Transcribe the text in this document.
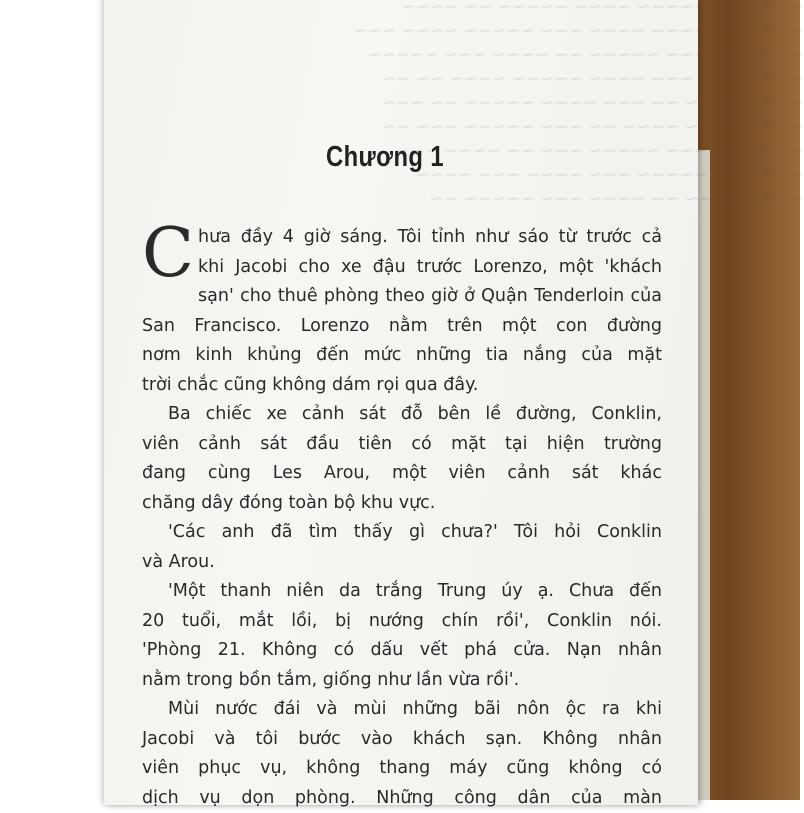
~~~~ ~~ ~~~~~ ~~~~ ~~~~~ ~~ ~~~~
~~~ ~~ ~~~~~ ~~~~ ~~~ ~~~~~ ~~~~ ~~~
~~ ~~~~ ~~~ ~~~~~ ~~ ~~~~ ~~~ ~~~~~
~~~~ ~~~ ~~~ ~~~~ ~~~~~ ~~~~ ~~ ~~
~~~ ~~~~~ ~~ ~~~ ~~~~ ~~~~~ ~~ ~~~
~~~~~ ~~~ ~~~~ ~~ ~~~ ~~~~~ ~~~ ~~
~~ ~~~~ ~~~ ~~~~~ ~~~ ~~ ~~~~ ~~~
~~~~ ~~ ~~~~~ ~~~ ~~~~ ~~~ ~~~~
~~~ ~~~~~ ~~ ~~~~ ~~~ ~~~~~ ~~
Chương 1
C hưa đầy 4 giờ sáng. Tôi tỉnh như sáo từ trước cả
khi Jacobi cho xe đậu trước Lorenzo, một 'khách
sạn' cho thuê phòng theo giờ ở Quận Tenderloin của
San Francisco. Lorenzo nằm trên một con đường
nơm kinh khủng đến mức những tia nắng của mặt
trời chắc cũng không dám rọi qua đây.
Ba chiếc xe cảnh sát đỗ bên lề đường, Conklin,
viên cảnh sát đầu tiên có mặt tại hiện trường
đang cùng Les Arou, một viên cảnh sát khác
chăng dây đóng toàn bộ khu vực.
'Các anh đã tìm thấy gì chưa?' Tôi hỏi Conklin
và Arou.
'Một thanh niên da trắng Trung úy ạ. Chưa đến
20 tuổi, mắt lồi, bị nướng chín rồi', Conklin nói.
'Phòng 21. Không có dấu vết phá cửa. Nạn nhân
nằm trong bồn tắm, giống như lần vừa rồi'.
Mùi nước đái và mùi những bãi nôn ộc ra khi
Jacobi và tôi bước vào khách sạn. Không nhân
viên phục vụ, không thang máy cũng không có
dịch vụ dọn phòng. Những công dân của màn
